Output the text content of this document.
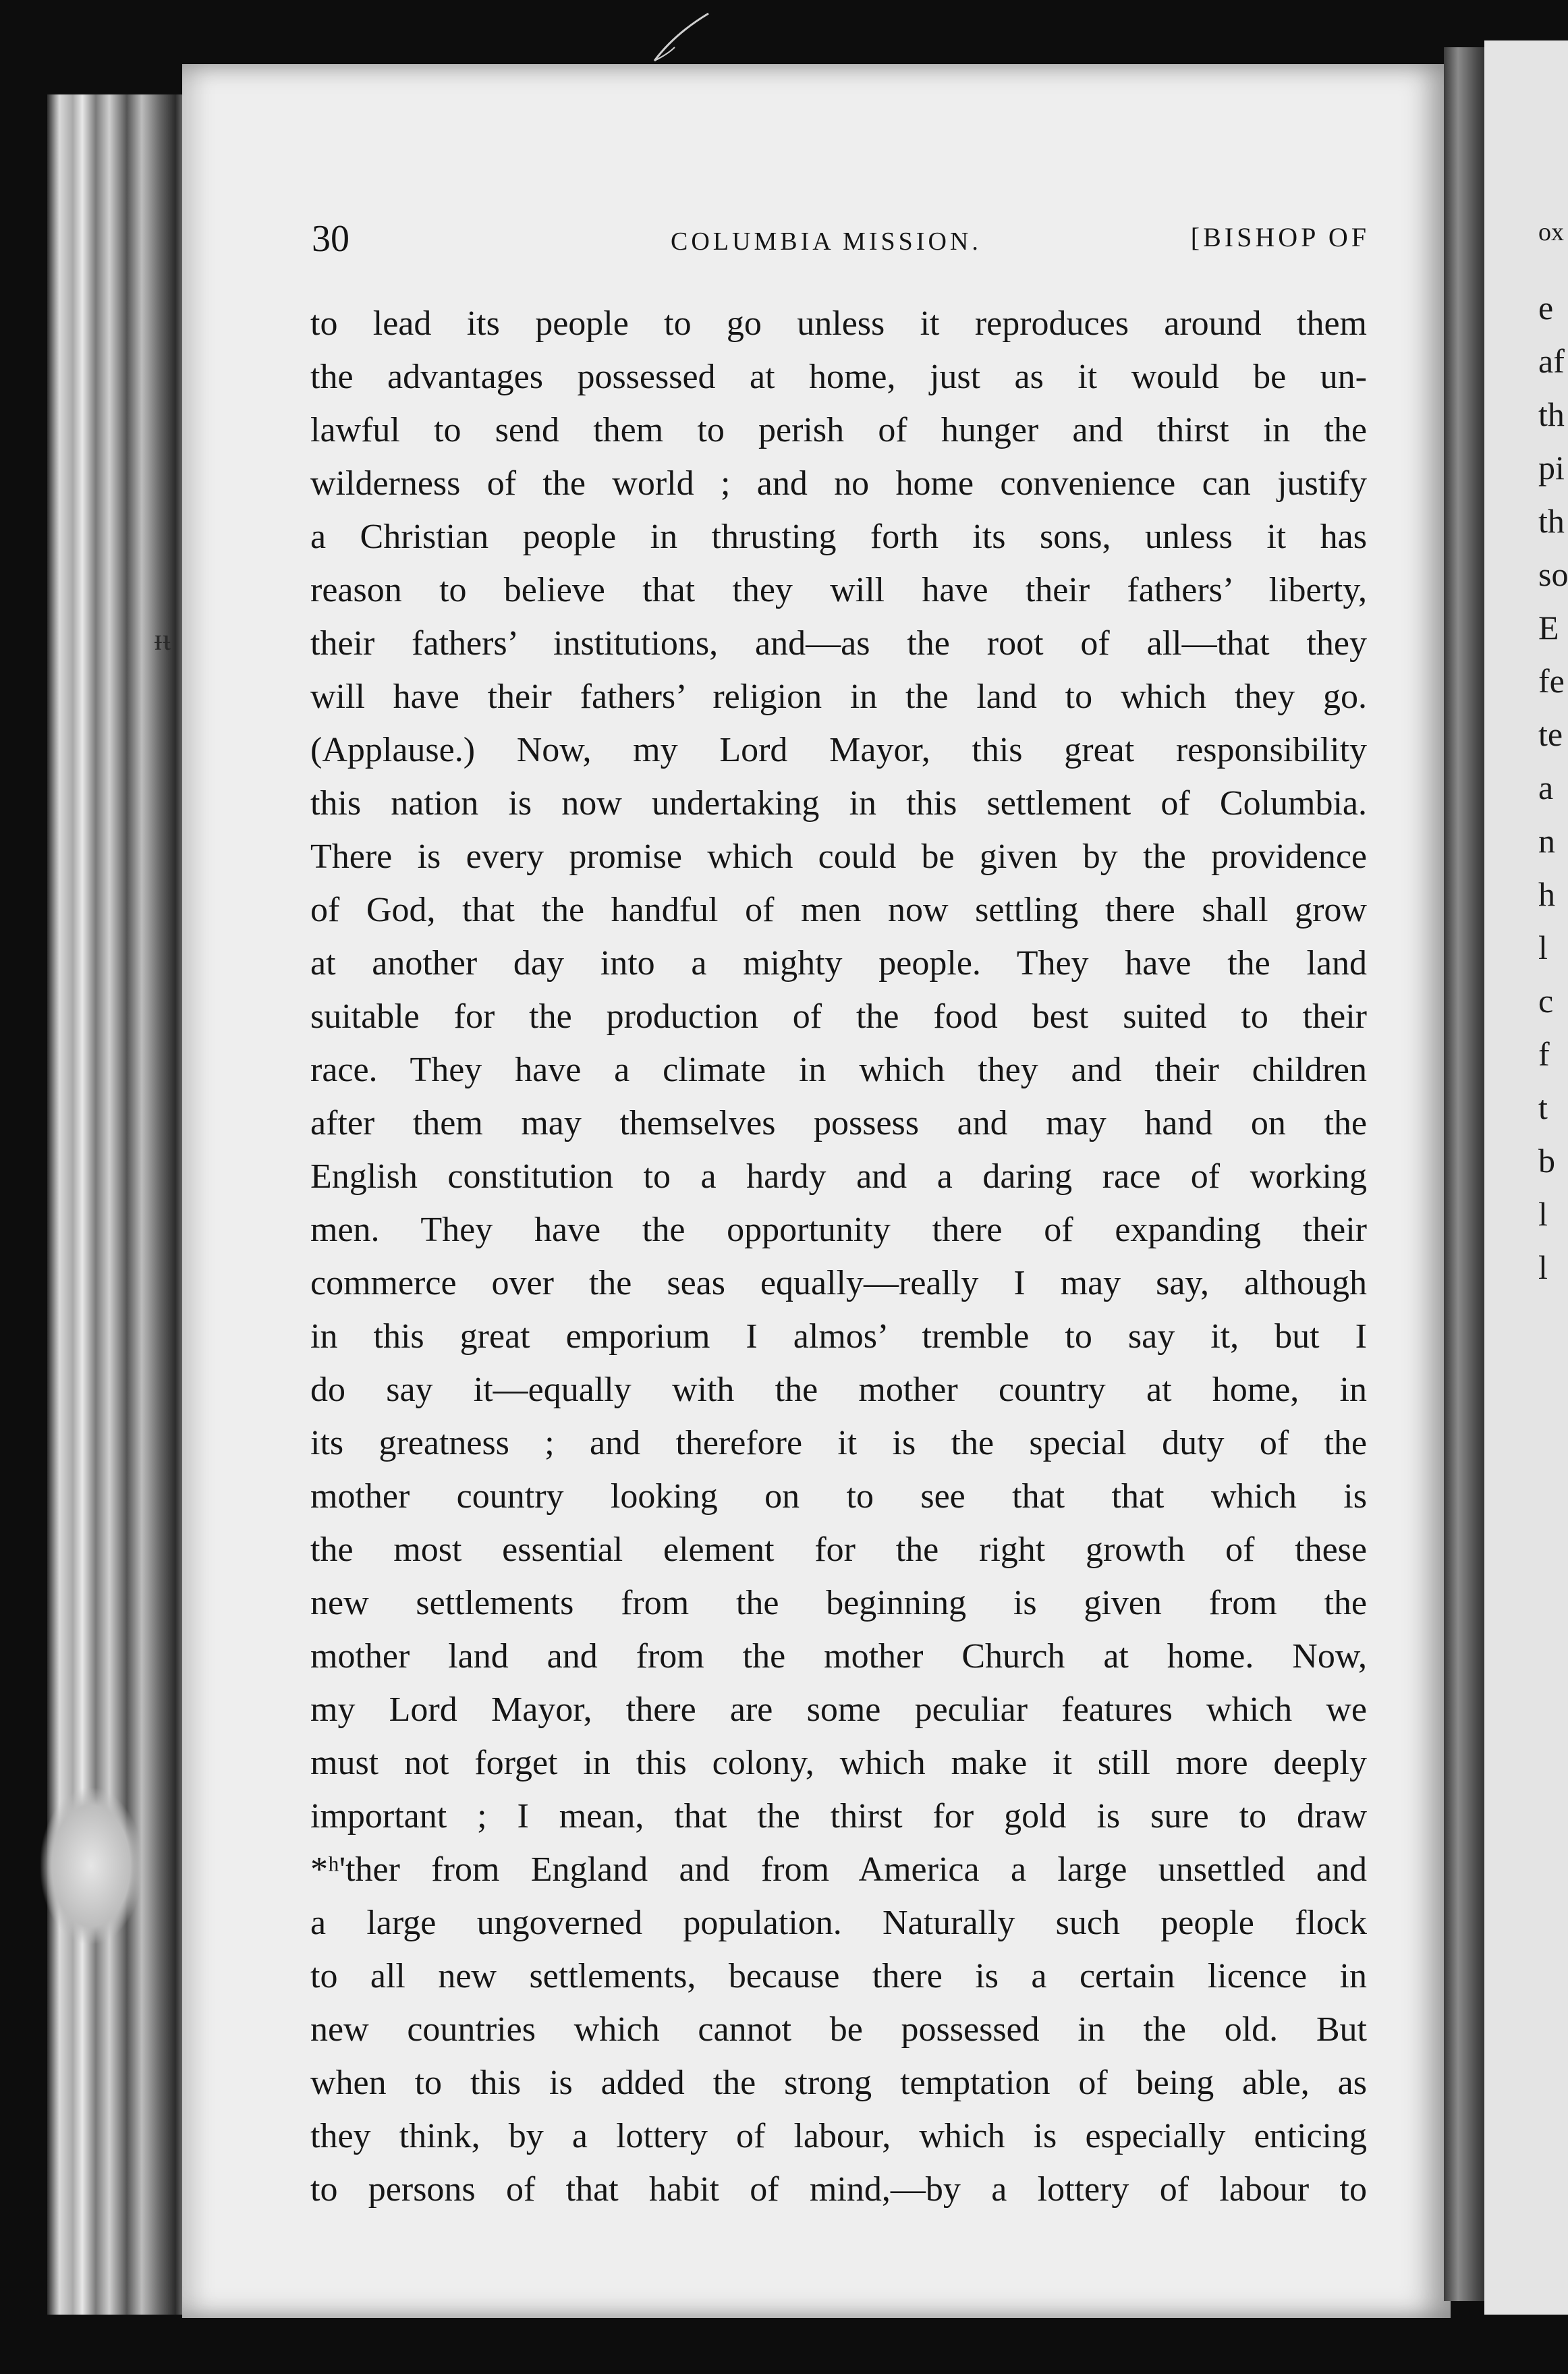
ᵻᵼ
30	COLUMBIA MISSION.	[BISHOP OF
to lead its people to go unless it reproduces around them
the advantages possessed at home, just as it would be un-
lawful to send them to perish of hunger and thirst in the
wilderness of the world ; and no home convenience can justify
a Christian people in thrusting forth its sons, unless it has
reason to believe that they will have their fathers’ liberty,
their fathers’ institutions, and—as the root of all—that they
will have their fathers’ religion in the land to which they go.
(Applause.) Now, my Lord Mayor, this great responsibility
this nation is now undertaking in this settlement of Columbia.
There is every promise which could be given by the providence
of God, that the handful of men now settling there shall grow
at another day into a mighty people. They have the land
suitable for the production of the food best suited to their
race. They have a climate in which they and their children
after them may themselves possess and may hand on the
English constitution to a hardy and a daring race of working
men. They have the opportunity there of expanding their
commerce over the seas equally—really I may say, although
in this great emporium I almos’ tremble to say it, but I
do say it—equally with the mother country at home, in
its greatness ; and therefore it is the special duty of the
mother country looking on to see that that which is
the most essential element for the right growth of these
new settlements from the beginning is given from the
mother land and from the mother Church at home. Now,
my Lord Mayor, there are some peculiar features which we
must not forget in this colony, which make it still more deeply
important ; I mean, that the thirst for gold is sure to draw
*ʰ'ther from England and from America a large unsettled and
a large ungoverned population. Naturally such people flock
to all new settlements, because there is a certain licence in
new countries which cannot be possessed in the old. But
when to this is added the strong temptation of being able, as
they think, by a lottery of labour, which is especially enticing
to persons of that habit of mind,—by a lottery of labour to
ox
e
af
th
pi
th
so
E
fe
te
a
n
h
l
c
f
t
b
l
l
